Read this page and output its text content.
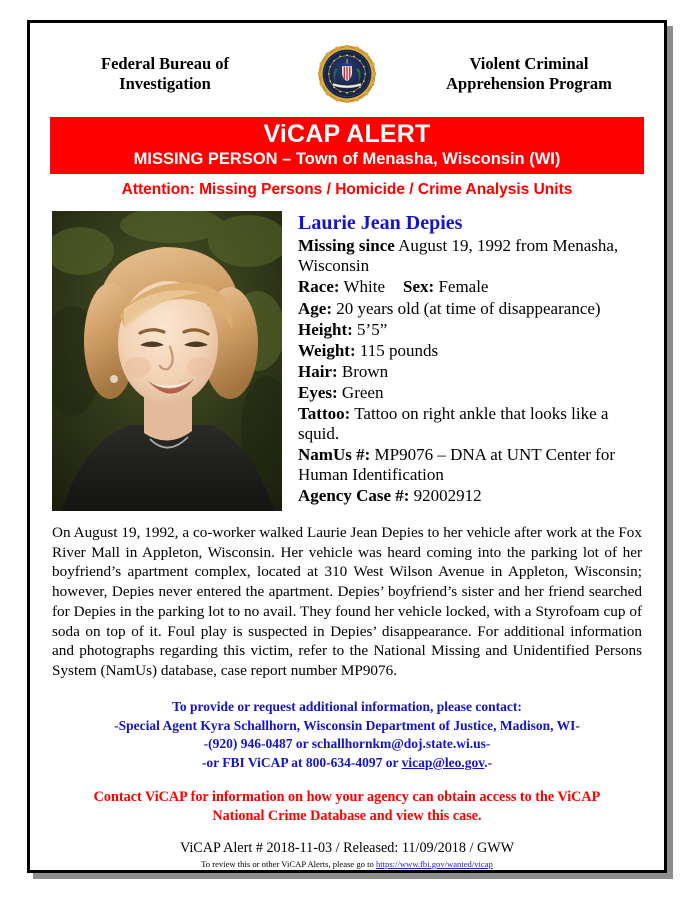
Federal Bureau of
Investigation
Violent Criminal
Apprehension Program
ViCAP ALERT
MISSING PERSON – Town of Menasha, Wisconsin (WI)
Attention: Missing Persons / Homicide / Crime Analysis Units
Laurie Jean Depies
Missing since August 19, 1992 from Menasha, Wisconsin
Race: White Sex: Female
Age: 20 years old (at time of disappearance)
Height: 5’5”
Weight: 115 pounds
Hair: Brown
Eyes: Green
Tattoo: Tattoo on right ankle that looks like a squid.
NamUs #: MP9076 – DNA at UNT Center for Human Identification
Agency Case #: 92002912
On August 19, 1992, a co-worker walked Laurie Jean Depies to her vehicle after work at the Fox River Mall in Appleton, Wisconsin. Her vehicle was heard coming into the parking lot of her boyfriend’s apartment complex, located at 310 West Wilson Avenue in Appleton, Wisconsin; however, Depies never entered the apartment. Depies’ boyfriend’s sister and her friend searched for Depies in the parking lot to no avail. They found her vehicle locked, with a Styrofoam cup of soda on top of it. Foul play is suspected in Depies’ disappearance. For additional information and photographs regarding this victim, refer to the National Missing and Unidentified Persons System (NamUs) database, case report number MP9076.
To provide or request additional information, please contact:
-Special Agent Kyra Schallhorn, Wisconsin Department of Justice, Madison, WI-
-(920) 946-0487 or schallhornkm@doj.state.wi.us-
-or FBI ViCAP at 800-634-4097 or vicap@leo.gov.-
Contact ViCAP for information on how your agency can obtain access to the ViCAP
National Crime Database and view this case.
ViCAP Alert # 2018-11-03 / Released: 11/09/2018 / GWW
To review this or other ViCAP Alerts, please go to https://www.fbi.gov/wanted/vicap
